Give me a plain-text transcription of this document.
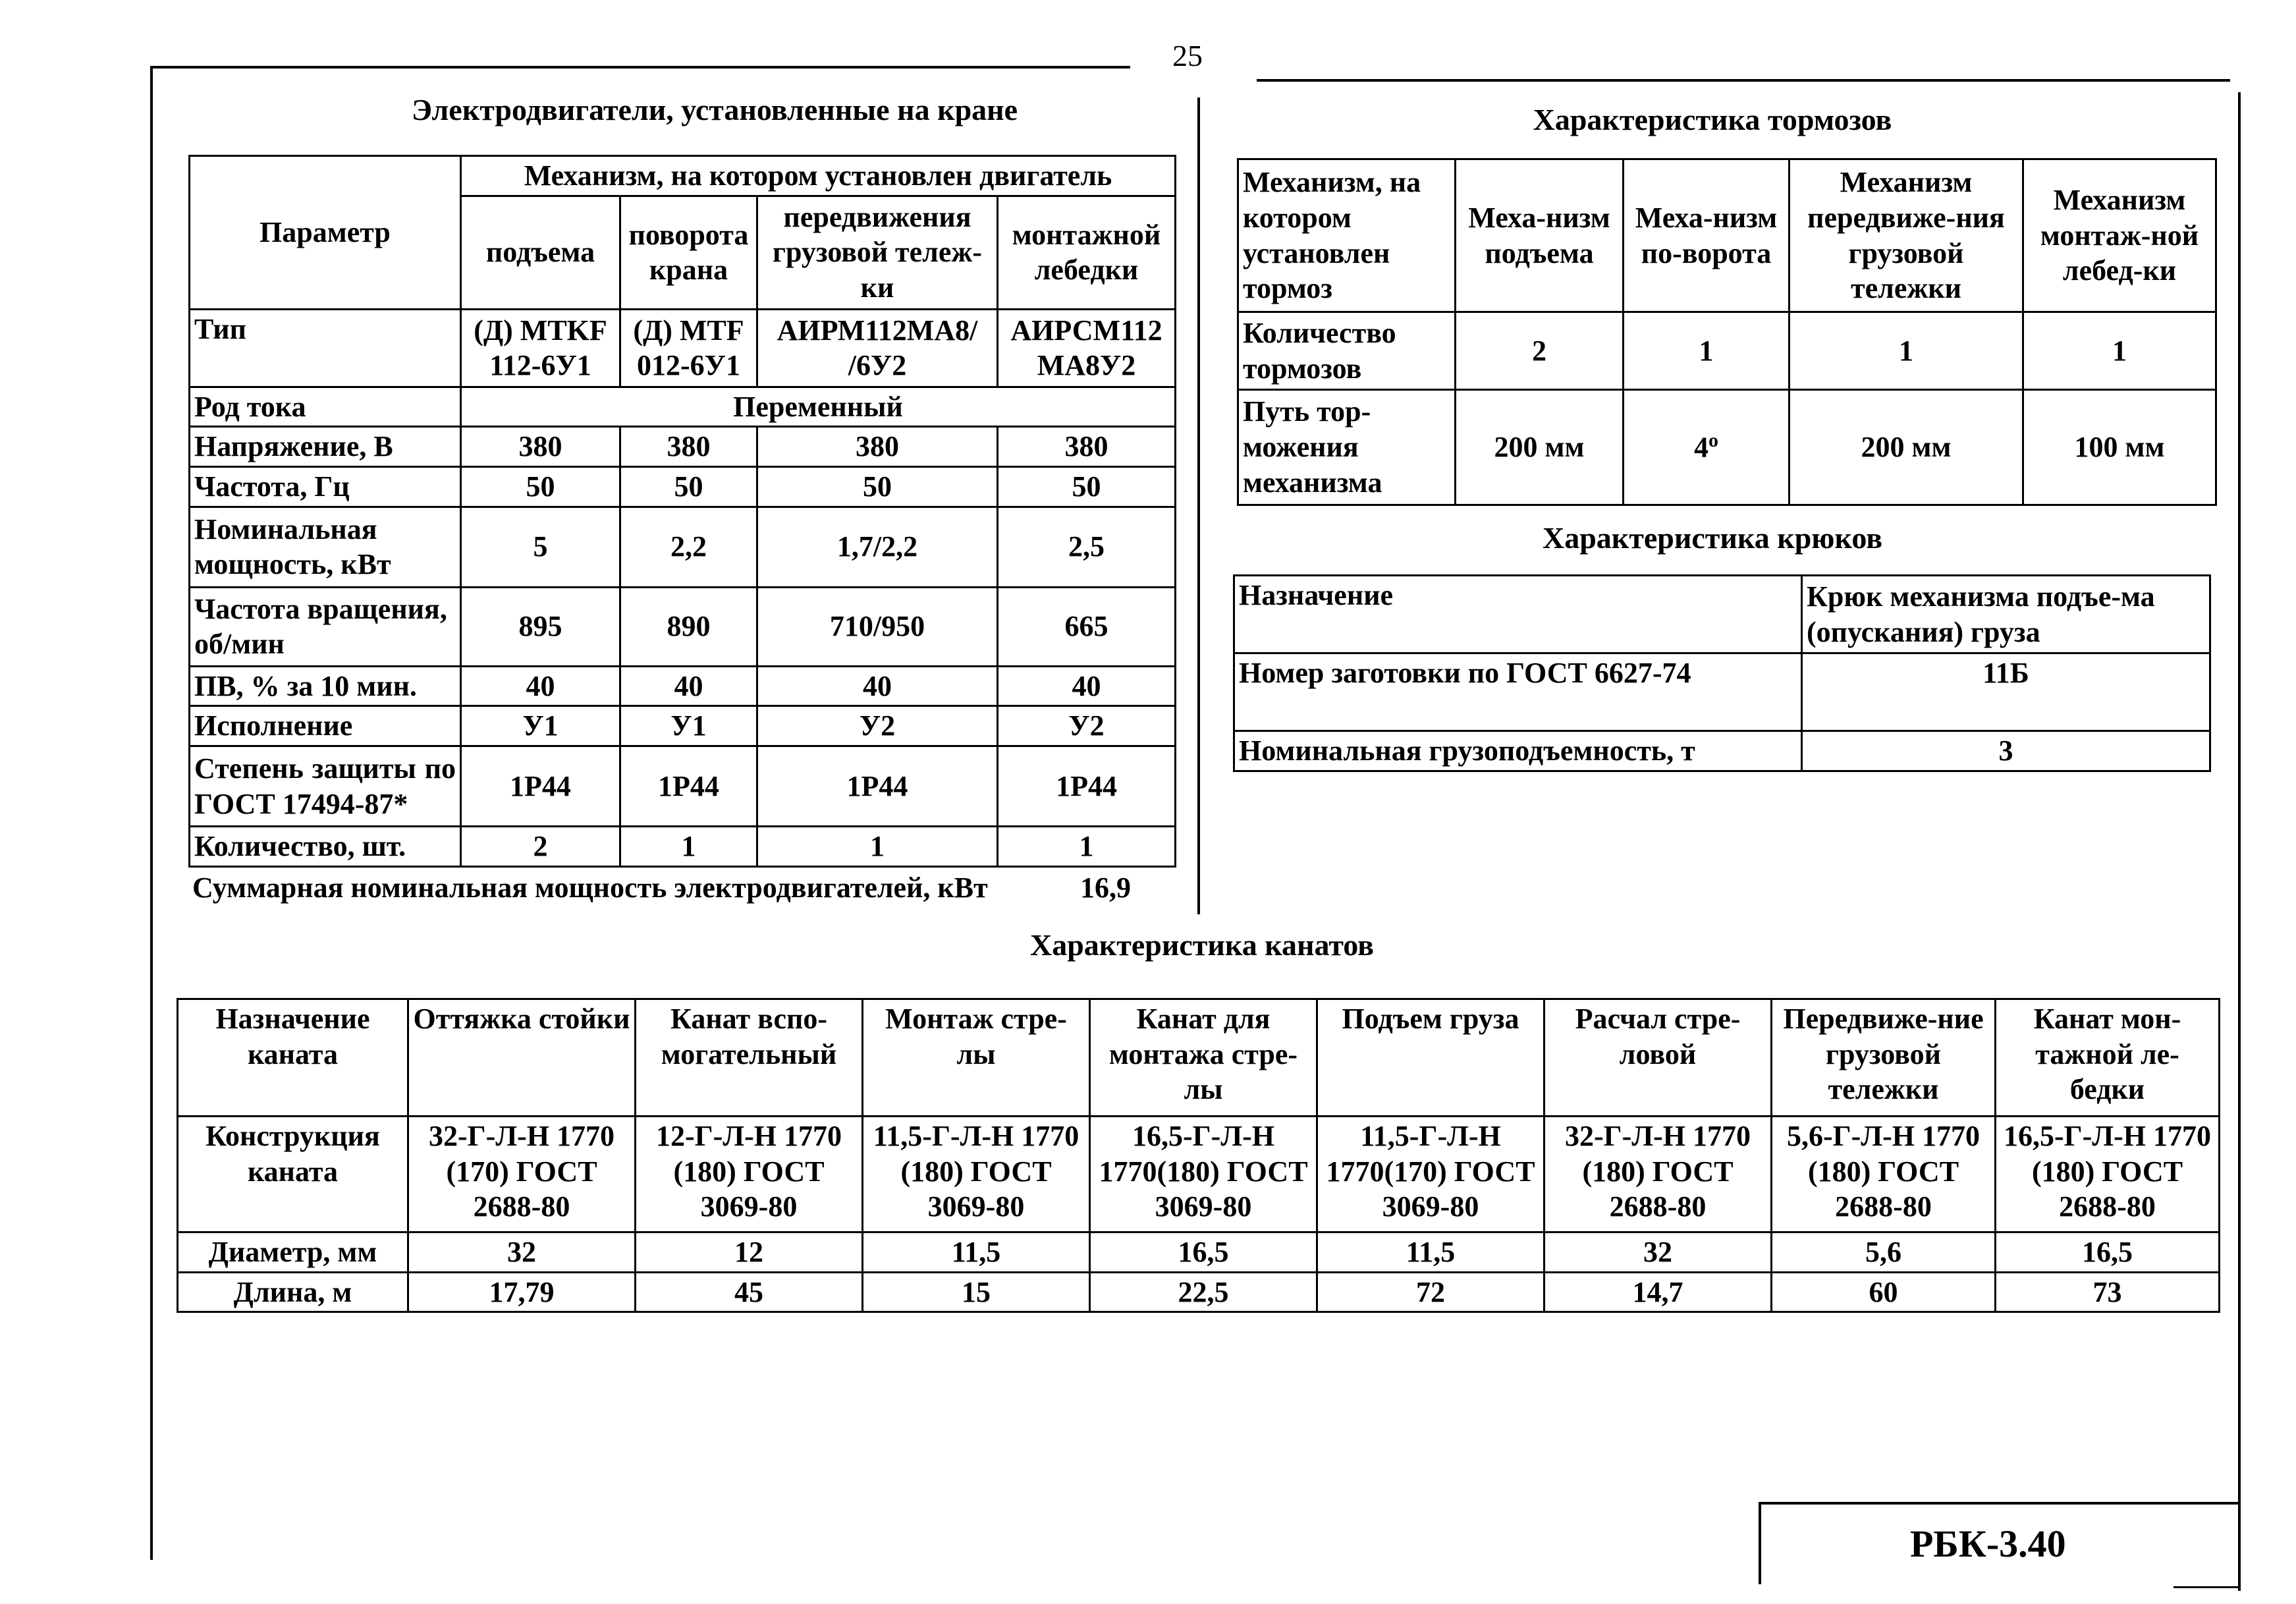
25
Электродвигатели, установленные на кране
Параметр	Механизм, на котором установлен двигатель			
	подъема	поворота крана	передвижения грузовой тележ-ки	монтажной лебедки
Тип	(Д) MTKF 112-6У1	(Д) MTF 012-6У1	АИРМ112МА8/ /6У2	АИРСМ112 МА8У2
Род тока	Переменный			
Напряжение, В	380	380	380	380
Частота, Гц	50	50	50	50
Номинальная мощность, кВт	5	2,2	1,7/2,2	2,5
Частота вращения, об/мин	895	890	710/950	665
ПВ, % за 10 мин.	40	40	40	40
Исполнение	У1	У1	У2	У2
Степень защиты по ГОСТ 17494-87*	1P44	1P44	1P44	1P44
Количество, шт.	2	1	1	1
Суммарная номинальная мощность электродвигателей, кВт	16,9
Характеристика тормозов
Механизм, на котором установлен тормоз	Меха-низм подъема	Меха-низм по-ворота	Механизм передвиже-ния грузовой тележки	Механизм монтаж-ной лебед-ки
Количество тормозов	2	1	1	1
Путь тор-можения механизма	200 мм	4$^o$	200 мм	100 мм
Характеристика крюков
Назначение	Крюк механизма подъе-ма (опускания) груза
Номер заготовки по ГОСТ 6627-74	11Б
Номинальная грузоподъемность, т	3
Характеристика канатов
Назначение каната	Оттяжка стойки	Канат вспо-могательный	Монтаж стре-лы	Канат для монтажа стре-лы	Подъем груза	Расчал стре-ловой	Передвиже-ние грузовой тележки	Канат мон-тажной ле-бедки
Конструкция каната	32-Г-Л-Н 1770 (170) ГОСТ 2688-80	12-Г-Л-Н 1770 (180) ГОСТ 3069-80	11,5-Г-Л-Н 1770 (180) ГОСТ 3069-80	16,5-Г-Л-Н 1770(180) ГОСТ 3069-80	11,5-Г-Л-Н 1770(170) ГОСТ 3069-80	32-Г-Л-Н 1770 (180) ГОСТ 2688-80	5,6-Г-Л-Н 1770 (180) ГОСТ 2688-80	16,5-Г-Л-Н 1770 (180) ГОСТ 2688-80
Диаметр, мм	32	12	11,5	16,5	11,5	32	5,6	16,5
Длина, м	17,79	45	15	22,5	72	14,7	60	73
РБК-3.40
